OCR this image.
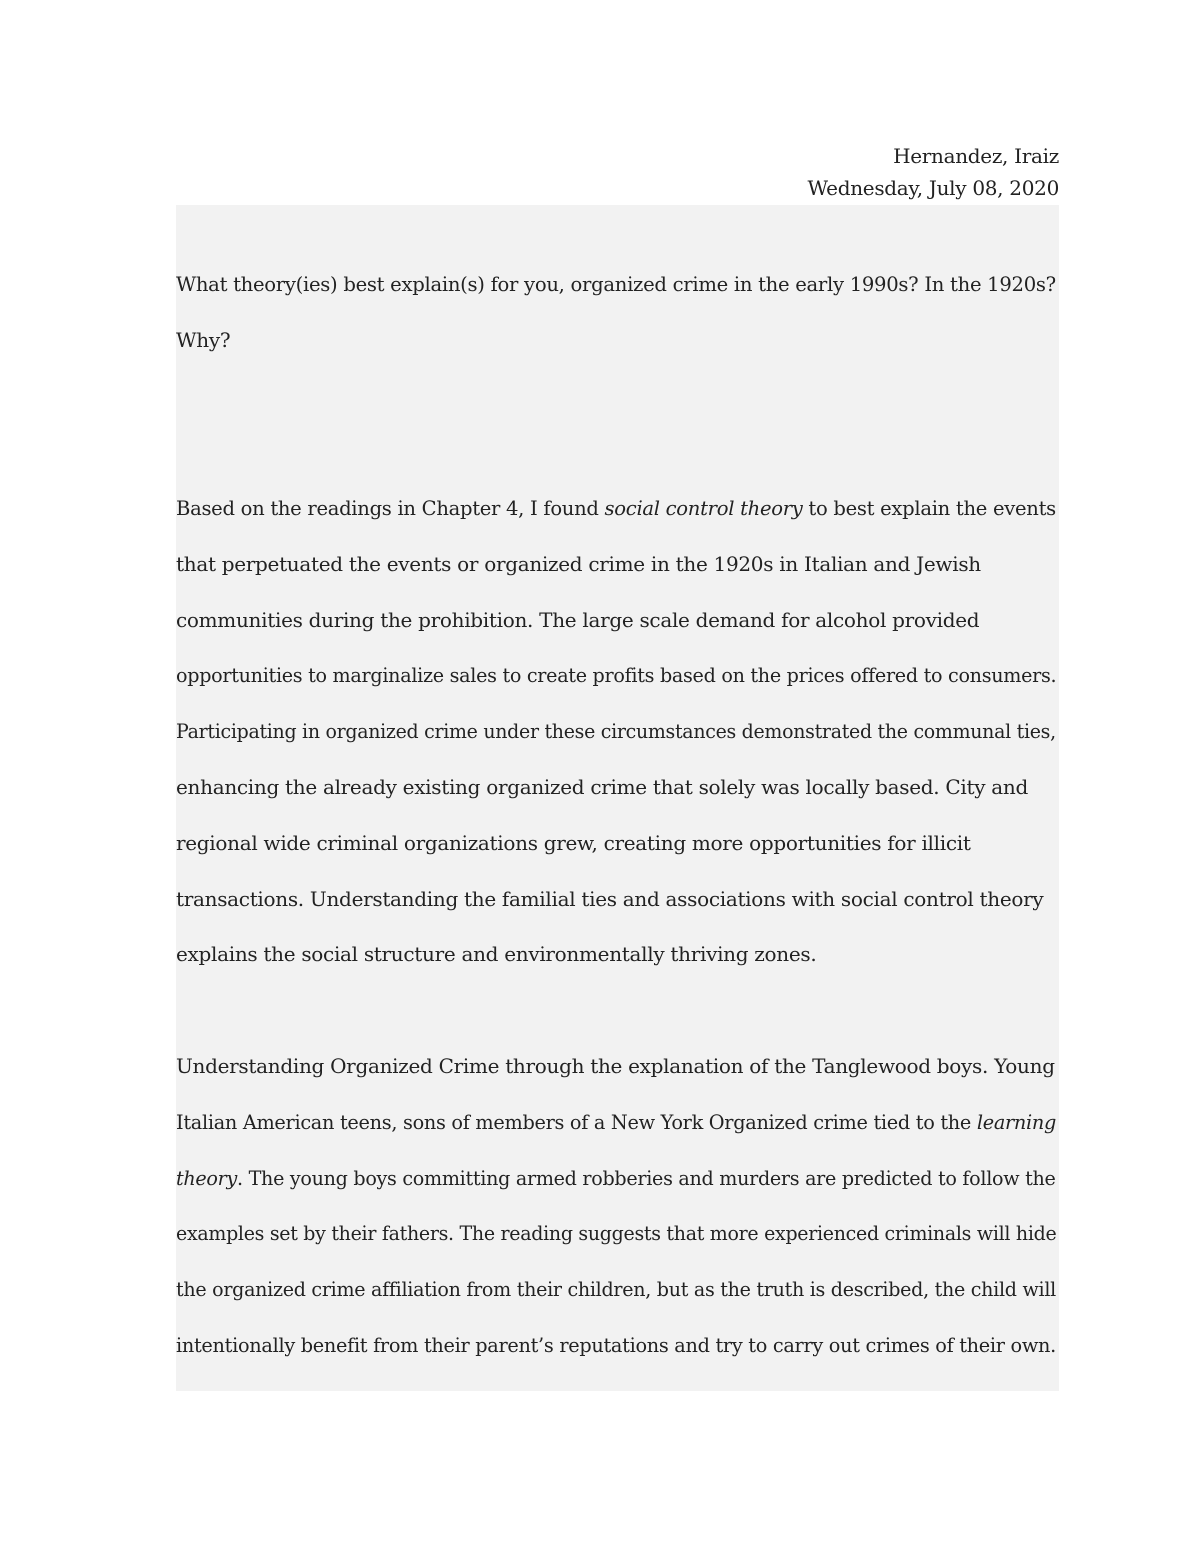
Hernandez, Iraiz
Wednesday, July 08, 2020

What theory(ies) best explain(s) for you, organized crime in the early 1990s? In the 1920s?
Why?

Based on the readings in Chapter 4, I found social control theory to best explain the events
that perpetuated the events or organized crime in the 1920s in Italian and Jewish
communities during the prohibition. The large scale demand for alcohol provided
opportunities to marginalize sales to create profits based on the prices offered to consumers.
Participating in organized crime under these circumstances demonstrated the communal ties,
enhancing the already existing organized crime that solely was locally based. City and
regional wide criminal organizations grew, creating more opportunities for illicit
transactions. Understanding the familial ties and associations with social control theory
explains the social structure and environmentally thriving zones.

Understanding Organized Crime through the explanation of the Tanglewood boys. Young
Italian American teens, sons of members of a New York Organized crime tied to the learning
theory. The young boys committing armed robberies and murders are predicted to follow the
examples set by their fathers. The reading suggests that more experienced criminals will hide
the organized crime affiliation from their children, but as the truth is described, the child will
intentionally benefit from their parent’s reputations and try to carry out crimes of their own.
